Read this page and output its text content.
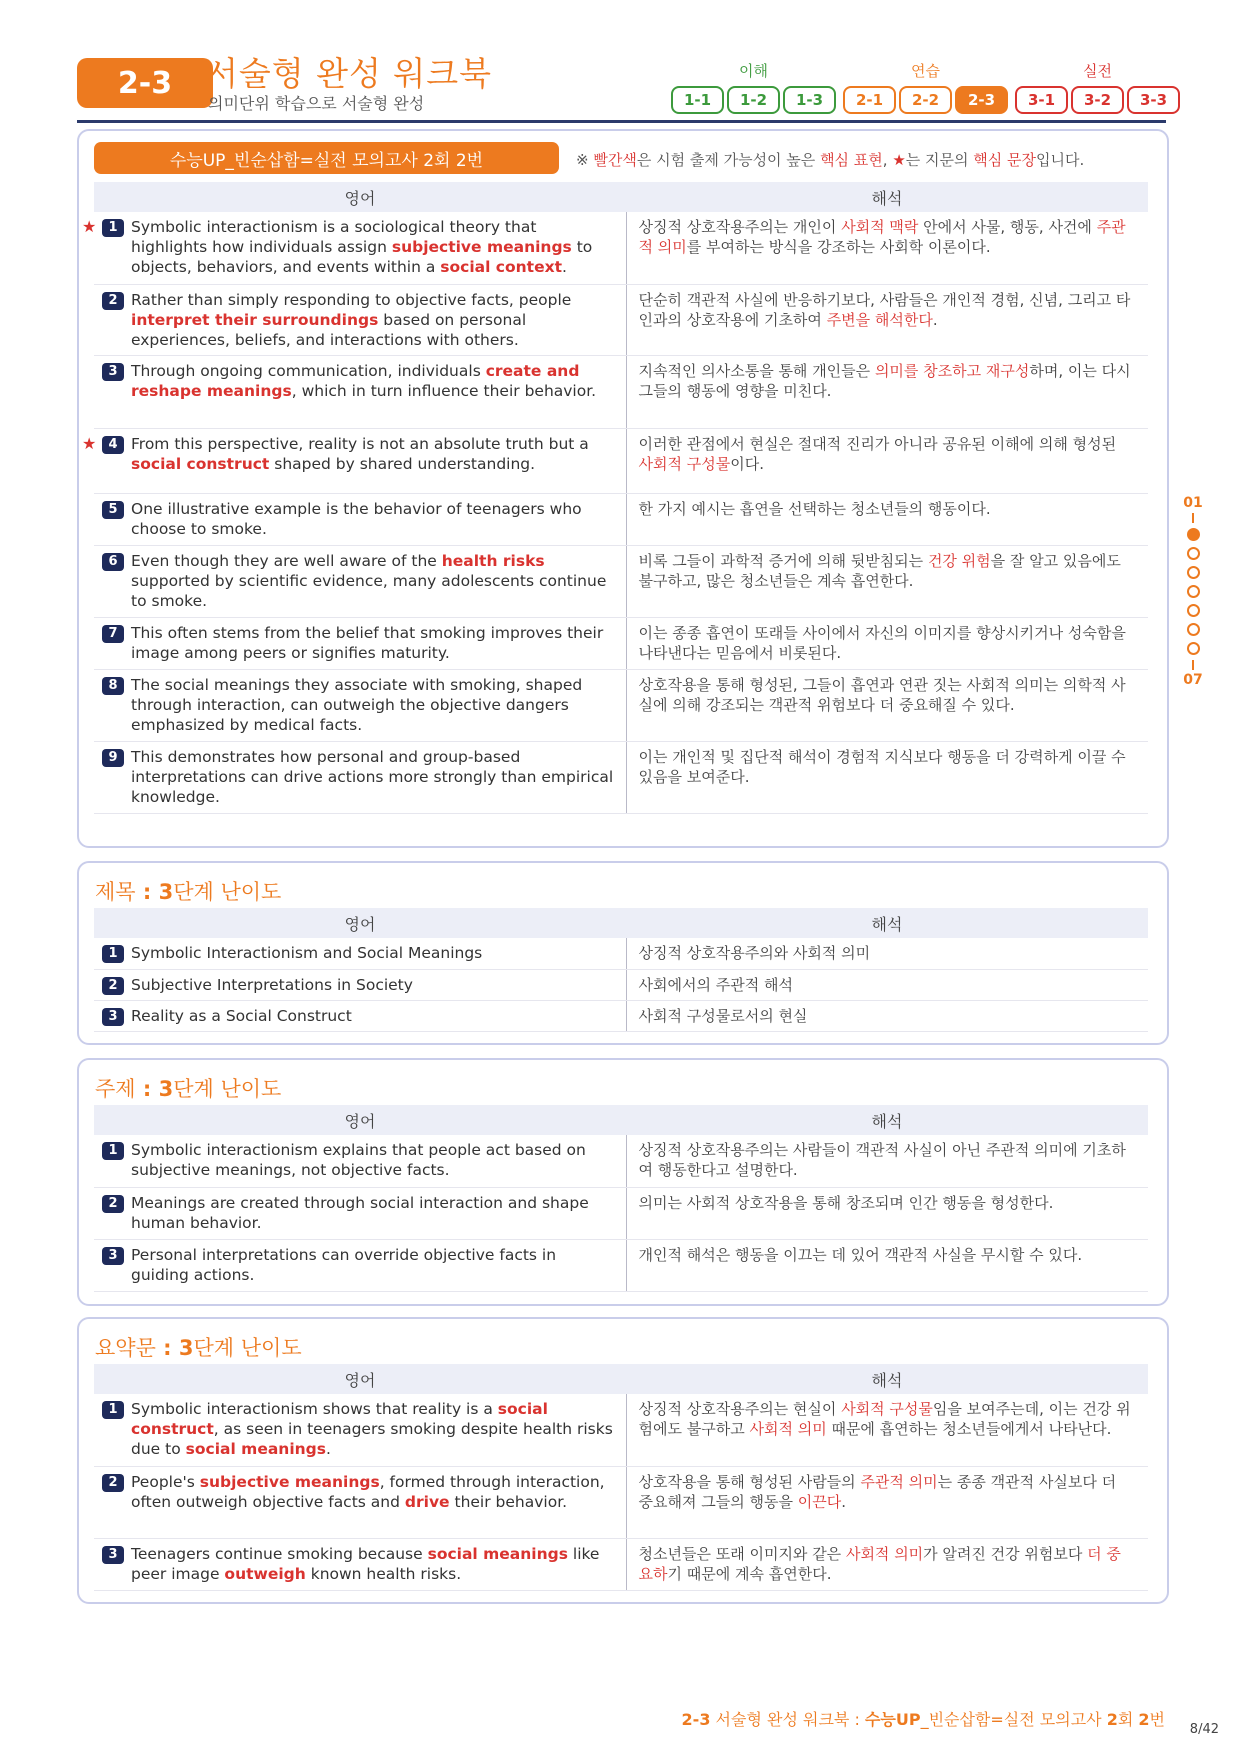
2-3	서술형 완성 워크북
의미단위 학습으로 서술형 완성
이해
1-1	1-2	1-3
연습
2-1	2-2	2-3
실전
3-1	3-2	3-3
수능UP_빈순삽함=실전 모의고사 2회 2번	※ 빨간색은 시험 출제 가능성이 높은 핵심 표현, ★는 지문의 핵심 문장입니다.
영어	해석

★ 1 Symbolic interactionism is a sociological theory that highlights how individuals assign subjective meanings to objects, behaviors, and events within a social context.	상징적 상호작용주의는 개인이 사회적 맥락 안에서 사물, 행동, 사건에 주관적 의미를 부여하는 방식을 강조하는 사회학 이론이다.

2 Rather than simply responding to objective facts, people interpret their surroundings based on personal experiences, beliefs, and interactions with others.	단순히 객관적 사실에 반응하기보다, 사람들은 개인적 경험, 신념, 그리고 타인과의 상호작용에 기초하여 주변을 해석한다.

3 Through ongoing communication, individuals create and reshape meanings, which in turn influence their behavior.	지속적인 의사소통을 통해 개인들은 의미를 창조하고 재구성하며, 이는 다시 그들의 행동에 영향을 미친다.

★ 4 From this perspective, reality is not an absolute truth but a social construct shaped by shared understanding.	이러한 관점에서 현실은 절대적 진리가 아니라 공유된 이해에 의해 형성된 사회적 구성물이다.

5 One illustrative example is the behavior of teenagers who choose to smoke.	한 가지 예시는 흡연을 선택하는 청소년들의 행동이다.

6 Even though they are well aware of the health risks supported by scientific evidence, many adolescents continue to smoke.	비록 그들이 과학적 증거에 의해 뒷받침되는 건강 위험을 잘 알고 있음에도 불구하고, 많은 청소년들은 계속 흡연한다.

7 This often stems from the belief that smoking improves their image among peers or signifies maturity.	이는 종종 흡연이 또래들 사이에서 자신의 이미지를 향상시키거나 성숙함을 나타낸다는 믿음에서 비롯된다.

8 The social meanings they associate with smoking, shaped through interaction, can outweigh the objective dangers emphasized by medical facts.	상호작용을 통해 형성된, 그들이 흡연과 연관 짓는 사회적 의미는 의학적 사실에 의해 강조되는 객관적 위험보다 더 중요해질 수 있다.

9 This demonstrates how personal and group-based interpretations can drive actions more strongly than empirical knowledge.	이는 개인적 및 집단적 해석이 경험적 지식보다 행동을 더 강력하게 이끌 수 있음을 보여준다.
제목 : 3단계 난이도
영어	해석

1 Symbolic Interactionism and Social Meanings	상징적 상호작용주의와 사회적 의미

2 Subjective Interpretations in Society	사회에서의 주관적 해석

3 Reality as a Social Construct	사회적 구성물로서의 현실
주제 : 3단계 난이도
영어	해석

1 Symbolic interactionism explains that people act based on subjective meanings, not objective facts.	상징적 상호작용주의는 사람들이 객관적 사실이 아닌 주관적 의미에 기초하여 행동한다고 설명한다.

2 Meanings are created through social interaction and shape human behavior.	의미는 사회적 상호작용을 통해 창조되며 인간 행동을 형성한다.

3 Personal interpretations can override objective facts in guiding actions.	개인적 해석은 행동을 이끄는 데 있어 객관적 사실을 무시할 수 있다.
요약문 : 3단계 난이도
영어	해석

1 Symbolic interactionism shows that reality is a social construct, as seen in teenagers smoking despite health risks due to social meanings.	상징적 상호작용주의는 현실이 사회적 구성물임을 보여주는데, 이는 건강 위험에도 불구하고 사회적 의미 때문에 흡연하는 청소년들에게서 나타난다.

2 People's subjective meanings, formed through interaction, often outweigh objective facts and drive their behavior.	상호작용을 통해 형성된 사람들의 주관적 의미는 종종 객관적 사실보다 더 중요해져 그들의 행동을 이끈다.

3 Teenagers continue smoking because social meanings like peer image outweigh known health risks.	청소년들은 또래 이미지와 같은 사회적 의미가 알려진 건강 위험보다 더 중요하기 때문에 계속 흡연한다.
01
07
2-3 서술형 완성 워크북 : 수능UP_빈순삽함=실전 모의고사 2회 2번
8/42
